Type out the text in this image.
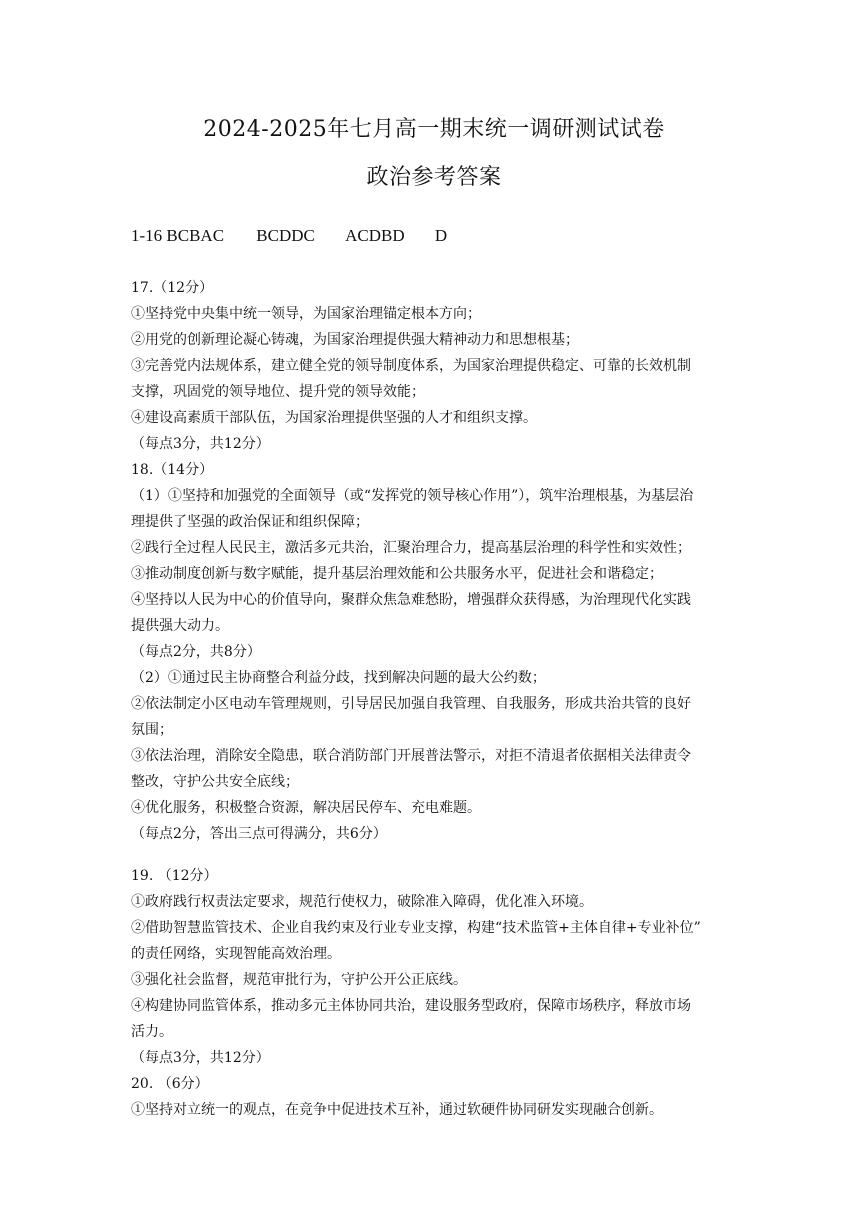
2024-2025年七月高一期末统一调研测试试卷
政治参考答案
1-16 BCBAC BCDDC ACDBD D
17.（12分）
①坚持党中央集中统一领导，为国家治理锚定根本方向；
②用党的创新理论凝心铸魂，为国家治理提供强大精神动力和思想根基；
③完善党内法规体系，建立健全党的领导制度体系，为国家治理提供稳定、可靠的长效机制
支撑，巩固党的领导地位、提升党的领导效能；
④建设高素质干部队伍，为国家治理提供坚强的人才和组织支撑。
（每点3分，共12分）
18.（14分）
（1）①坚持和加强党的全面领导（或“发挥党的领导核心作用”），筑牢治理根基，为基层治
理提供了坚强的政治保证和组织保障；
②践行全过程人民民主，激活多元共治，汇聚治理合力，提高基层治理的科学性和实效性；
③推动制度创新与数字赋能，提升基层治理效能和公共服务水平，促进社会和谐稳定；
④坚持以人民为中心的价值导向，聚群众焦急难愁盼，增强群众获得感，为治理现代化实践
提供强大动力。
（每点2分，共8分）
（2）①通过民主协商整合利益分歧，找到解决问题的最大公约数；
②依法制定小区电动车管理规则，引导居民加强自我管理、自我服务，形成共治共管的良好
氛围；
③依法治理，消除安全隐患，联合消防部门开展普法警示，对拒不清退者依据相关法律责令
整改，守护公共安全底线；
④优化服务，积极整合资源，解决居民停车、充电难题。
（每点2分，答出三点可得满分，共6分）
19. （12分）
①政府践行权责法定要求，规范行使权力，破除准入障碍，优化准入环境。
②借助智慧监管技术、企业自我约束及行业专业支撑，构建“技术监管+主体自律+专业补位”
的责任网络，实现智能高效治理。
③强化社会监督，规范审批行为，守护公开公正底线。
④构建协同监管体系，推动多元主体协同共治，建设服务型政府，保障市场秩序，释放市场
活力。
（每点3分，共12分）
20. （6分）
①坚持对立统一的观点，在竞争中促进技术互补，通过软硬件协同研发实现融合创新。
